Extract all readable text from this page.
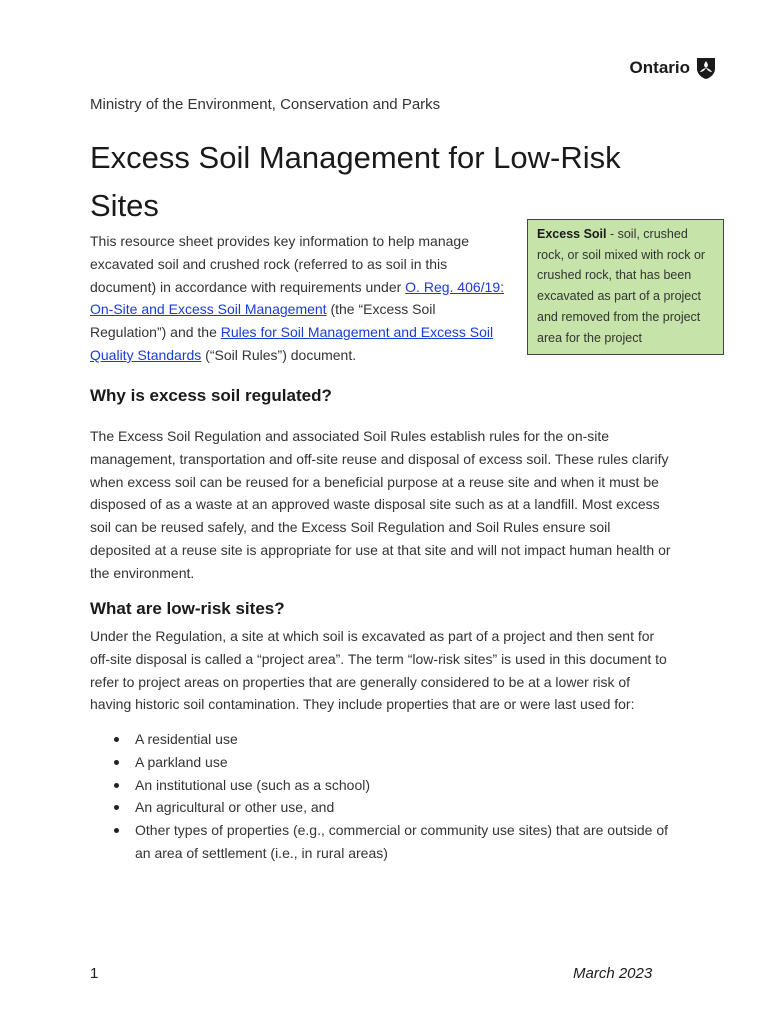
Ontario
Ministry of the Environment, Conservation and Parks
Excess Soil Management for Low-Risk Sites

This resource sheet provides key information to help manage excavated soil and crushed rock (referred to as soil in this document) in accordance with requirements under O. Reg. 406/19: On-Site and Excess Soil Management (the “Excess Soil Regulation”) and the Rules for Soil Management and Excess Soil Quality Standards (“Soil Rules”) document.

Excess Soil - soil, crushed rock, or soil mixed with rock or crushed rock, that has been excavated as part of a project and removed from the project area for the project
Why is excess soil regulated?

The Excess Soil Regulation and associated Soil Rules establish rules for the on-site management, transportation and off-site reuse and disposal of excess soil. These rules clarify when excess soil can be reused for a beneficial purpose at a reuse site and when it must be disposed of as a waste at an approved waste disposal site such as at a landfill. Most excess soil can be reused safely, and the Excess Soil Regulation and Soil Rules ensure soil deposited at a reuse site is appropriate for use at that site and will not impact human health or the environment.

What are low-risk sites?

Under the Regulation, a site at which soil is excavated as part of a project and then sent for off-site disposal is called a “project area”. The term “low-risk sites” is used in this document to refer to project areas on properties that are generally considered to be at a lower risk of having historic soil contamination. They include properties that are or were last used for:

A residential use
A parkland use
An institutional use (such as a school)
An agricultural or other use, and
Other types of properties (e.g., commercial or community use sites) that are outside of an area of settlement (i.e., in rural areas)
1	March 2023
